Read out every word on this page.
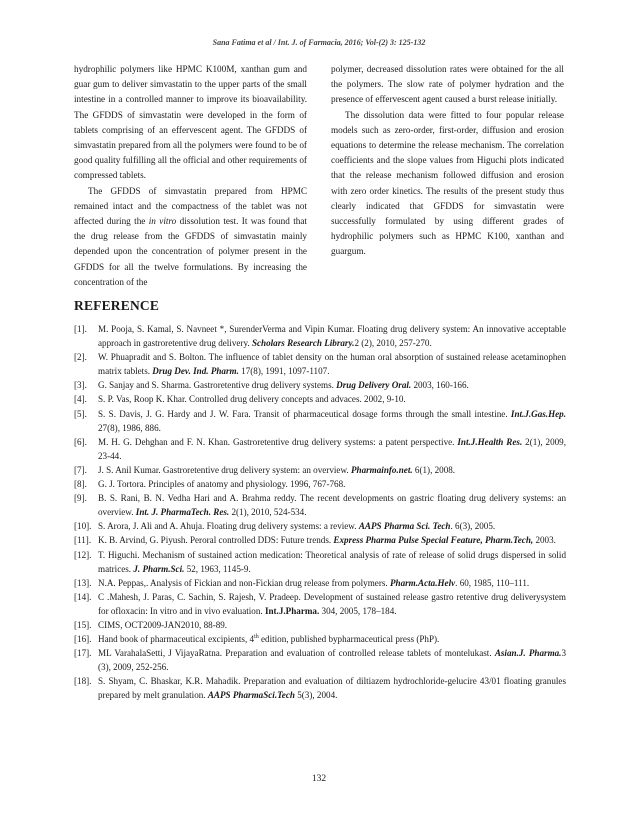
Sana Fatima et al / Int. J. of Farmacia, 2016; Vol-(2) 3: 125-132

hydrophilic polymers like HPMC K100M, xanthan gum and guar gum to deliver simvastatin to the upper parts of the small intestine in a controlled manner to improve its bioavailability. The GFDDS of simvastatin were developed in the form of tablets comprising of an effervescent agent. The GFDDS of simvastatin prepared from all the polymers were found to be of good quality fulfilling all the official and other requirements of compressed tablets.

The GFDDS of simvastatin prepared from HPMC remained intact and the compactness of the tablet was not affected during the in vitro dissolution test. It was found that the drug release from the GFDDS of simvastatin mainly depended upon the concentration of polymer present in the GFDDS for all the twelve formulations. By increasing the concentration of the

polymer, decreased dissolution rates were obtained for the all the polymers. The slow rate of polymer hydration and the presence of effervescent agent caused a burst release initially.

The dissolution data were fitted to four popular release models such as zero-order, first-order, diffusion and erosion equations to determine the release mechanism. The correlation coefficients and the slope values from Higuchi plots indicated that the release mechanism followed diffusion and erosion with zero order kinetics. The results of the present study thus clearly indicated that GFDDS for simvastatin were successfully formulated by using different grades of hydrophilic polymers such as HPMC K100, xanthan and guargum.

REFERENCE
[1].	M. Pooja, S. Kamal, S. Navneet *, SurenderVerma and Vipin Kumar. Floating drug delivery system: An innovative acceptable approach in gastroretentive drug delivery. Scholars Research Library.2 (2), 2010, 257-270.
[2].	W. Phuapradit and S. Bolton. The influence of tablet density on the human oral absorption of sustained release acetaminophen matrix tablets. Drug Dev. Ind. Pharm. 17(8), 1991, 1097-1107.
[3].	G. Sanjay and S. Sharma. Gastroretentive drug delivery systems. Drug Delivery Oral. 2003, 160-166.
[4].	S. P. Vas, Roop K. Khar. Controlled drug delivery concepts and advaces. 2002, 9-10.
[5].	S. S. Davis, J. G. Hardy and J. W. Fara. Transit of pharmaceutical dosage forms through the small intestine. Int.J.Gas.Hep. 27(8), 1986, 886.
[6].	M. H. G. Dehghan and F. N. Khan. Gastroretentive drug delivery systems: a patent perspective. Int.J.Health Res. 2(1), 2009, 23-44.
[7].	J. S. Anil Kumar. Gastroretentive drug delivery system: an overview. Pharmainfo.net. 6(1), 2008.
[8].	G. J. Tortora. Principles of anatomy and physiology. 1996, 767-768.
[9].	B. S. Rani, B. N. Vedha Hari and A. Brahma reddy. The recent developments on gastric floating drug delivery systems: an overview. Int. J. PharmaTech. Res. 2(1), 2010, 524-534.
[10]. S. Arora, J. Ali and A. Ahuja. Floating drug delivery systems: a review. AAPS Pharma Sci. Tech. 6(3), 2005.
[11]. K. B. Arvind, G. Piyush. Peroral controlled DDS: Future trends. Express Pharma Pulse Special Feature, Pharm.Tech, 2003.
[12]. T. Higuchi. Mechanism of sustained action medication: Theoretical analysis of rate of release of solid drugs dispersed in solid matrices. J. Pharm.Sci. 52, 1963, 1145-9.
[13]. N.A. Peppas,. Analysis of Fickian and non-Fickian drug release from polymers. Pharm.Acta.Helv. 60, 1985, 110–111.
[14]. C .Mahesh, J. Paras, C. Sachin, S. Rajesh, V. Pradeep. Development of sustained release gastro retentive drug deliverysystem for ofloxacin: In vitro and in vivo evaluation. Int.J.Pharma. 304, 2005, 178–184.
[15]. CIMS, OCT2009-JAN2010, 88-89.
[16]. Hand book of pharmaceutical excipients, 4th edition, published bypharmaceutical press (PhP).
[17]. ML VarahalaSetti, J VijayaRatna. Preparation and evaluation of controlled release tablets of montelukast. Asian.J. Pharma.3 (3), 2009, 252-256.
[18]. S. Shyam, C. Bhaskar, K.R. Mahadik. Preparation and evaluation of diltiazem hydrochloride-gelucire 43/01 floating granules prepared by melt granulation. AAPS PharmaSci.Tech 5(3), 2004.
132
